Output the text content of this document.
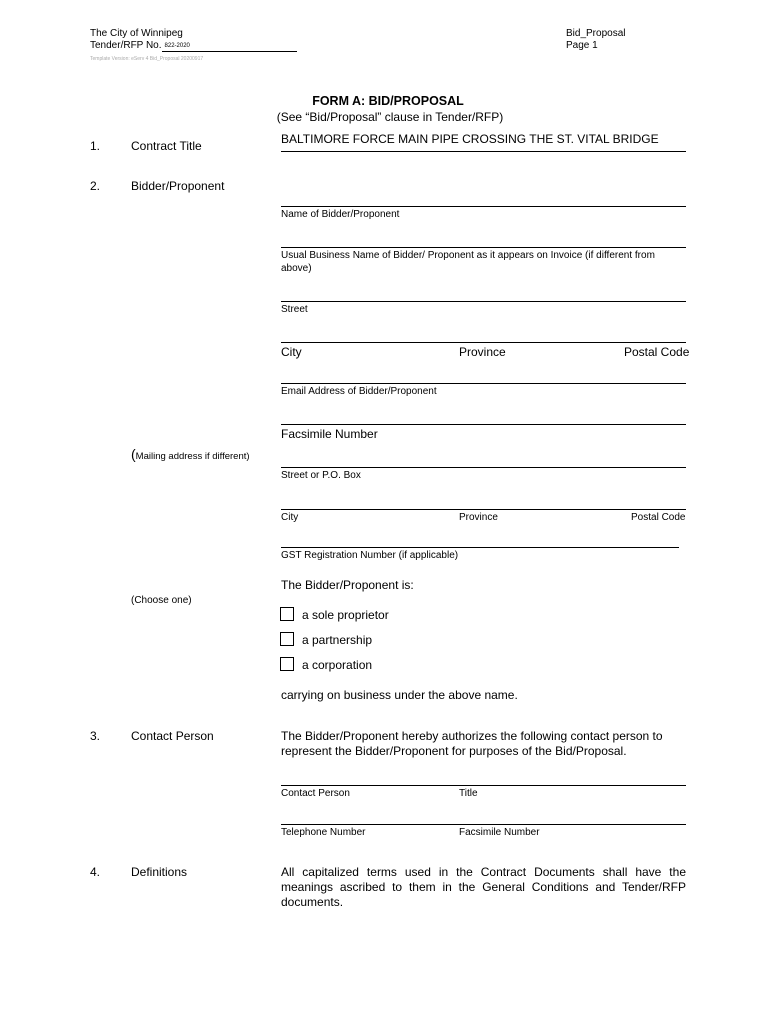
The City of Winnipeg
Tender/RFP No. 822-2020
Template Version: eServ 4 Bid_Proposal 20200917
Bid_Proposal
Page 1
FORM A: BID/PROPOSAL
(See “Bid/Proposal” clause in Tender/RFP)
1.	Contract Title	BALTIMORE FORCE MAIN PIPE CROSSING THE ST. VITAL BRIDGE
2.	Bidder/Proponent
Name of Bidder/Proponent
Usual Business Name of Bidder/ Proponent as it appears on Invoice (if different from
above)
Street
City	Province	Postal Code
Email Address of Bidder/Proponent
Facsimile Number
(Mailing address if different)
Street or P.O. Box
City	Province	Postal Code
GST Registration Number (if applicable)
The Bidder/Proponent is:
(Choose one)
a sole proprietor
a partnership
a corporation
carrying on business under the above name.
3.	Contact Person	The Bidder/Proponent hereby authorizes the following contact person to
represent the Bidder/Proponent for purposes of the Bid/Proposal.
Contact Person	Title
Telephone Number	Facsimile Number
4.	Definitions	All capitalized terms used in the Contract Documents shall have the meanings ascribed to them in the General Conditions and Tender/RFP documents.
